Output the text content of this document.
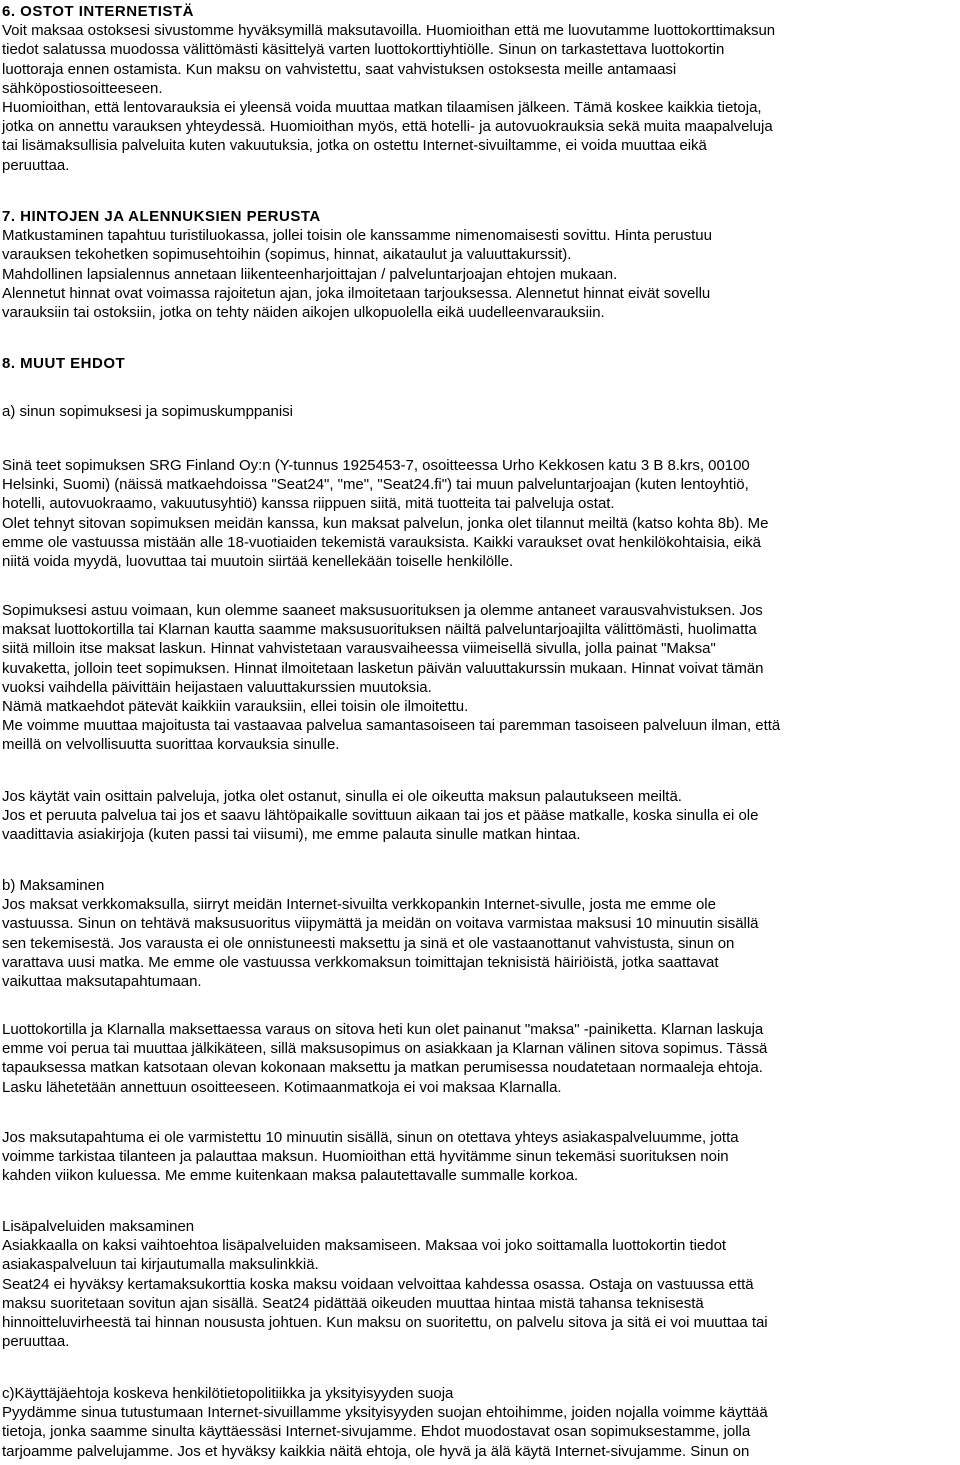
6. OSTOT INTERNETISTÄ
Voit maksaa ostoksesi sivustomme hyväksymillä maksutavoilla. Huomioithan että me luovutamme luottokorttimaksun
tiedot salatussa muodossa välittömästi käsittelyä varten luottokorttiyhtiölle. Sinun on tarkastettava luottokortin
luottoraja ennen ostamista. Kun maksu on vahvistettu, saat vahvistuksen ostoksesta meille antamaasi
sähköpostiosoitteeseen.
Huomioithan, että lentovarauksia ei yleensä voida muuttaa matkan tilaamisen jälkeen. Tämä koskee kaikkia tietoja,
jotka on annettu varauksen yhteydessä. Huomioithan myös, että hotelli- ja autovuokrauksia sekä muita maapalveluja
tai lisämaksullisia palveluita kuten vakuutuksia, jotka on ostettu Internet-sivuiltamme, ei voida muuttaa eikä
peruuttaa.
7. HINTOJEN JA ALENNUKSIEN PERUSTA
Matkustaminen tapahtuu turistiluokassa, jollei toisin ole kanssamme nimenomaisesti sovittu. Hinta perustuu
varauksen tekohetken sopimusehtoihin (sopimus, hinnat, aikataulut ja valuuttakurssit).
Mahdollinen lapsialennus annetaan liikenteenharjoittajan / palveluntarjoajan ehtojen mukaan.
Alennetut hinnat ovat voimassa rajoitetun ajan, joka ilmoitetaan tarjouksessa. Alennetut hinnat eivät sovellu
varauksiin tai ostoksiin, jotka on tehty näiden aikojen ulkopuolella eikä uudelleenvarauksiin.
8. MUUT EHDOT
a) sinun sopimuksesi ja sopimuskumppanisi
Sinä teet sopimuksen SRG Finland Oy:n (Y-tunnus 1925453-7, osoitteessa Urho Kekkosen katu 3 B 8.krs, 00100
Helsinki, Suomi) (näissä matkaehdoissa "Seat24", "me", "Seat24.fi") tai muun palveluntarjoajan (kuten lentoyhtiö,
hotelli, autovuokraamo, vakuutusyhtiö) kanssa riippuen siitä, mitä tuotteita tai palveluja ostat.
Olet tehnyt sitovan sopimuksen meidän kanssa, kun maksat palvelun, jonka olet tilannut meiltä (katso kohta 8b). Me
emme ole vastuussa mistään alle 18-vuotiaiden tekemistä varauksista. Kaikki varaukset ovat henkilökohtaisia, eikä
niitä voida myydä, luovuttaa tai muutoin siirtää kenellekään toiselle henkilölle.
Sopimuksesi astuu voimaan, kun olemme saaneet maksusuorituksen ja olemme antaneet varausvahvistuksen. Jos
maksat luottokortilla tai Klarnan kautta saamme maksusuorituksen näiltä palveluntarjoajilta välittömästi, huolimatta
siitä milloin itse maksat laskun. Hinnat vahvistetaan varausvaiheessa viimeisellä sivulla, jolla painat "Maksa"
kuvaketta, jolloin teet sopimuksen. Hinnat ilmoitetaan lasketun päivän valuuttakurssin mukaan. Hinnat voivat tämän
vuoksi vaihdella päivittäin heijastaen valuuttakurssien muutoksia.
Nämä matkaehdot pätevät kaikkiin varauksiin, ellei toisin ole ilmoitettu.
Me voimme muuttaa majoitusta tai vastaavaa palvelua samantasoiseen tai paremman tasoiseen palveluun ilman, että
meillä on velvollisuutta suorittaa korvauksia sinulle.
Jos käytät vain osittain palveluja, jotka olet ostanut, sinulla ei ole oikeutta maksun palautukseen meiltä.
Jos et peruuta palvelua tai jos et saavu lähtöpaikalle sovittuun aikaan tai jos et pääse matkalle, koska sinulla ei ole
vaadittavia asiakirjoja (kuten passi tai viisumi), me emme palauta sinulle matkan hintaa.
b) Maksaminen
Jos maksat verkkomaksulla, siirryt meidän Internet-sivuilta verkkopankin Internet-sivulle, josta me emme ole
vastuussa. Sinun on tehtävä maksusuoritus viipymättä ja meidän on voitava varmistaa maksusi 10 minuutin sisällä
sen tekemisestä. Jos varausta ei ole onnistuneesti maksettu ja sinä et ole vastaanottanut vahvistusta, sinun on
varattava uusi matka. Me emme ole vastuussa verkkomaksun toimittajan teknisistä häiriöistä, jotka saattavat
vaikuttaa maksutapahtumaan.
Luottokortilla ja Klarnalla maksettaessa varaus on sitova heti kun olet painanut "maksa" -painiketta. Klarnan laskuja
emme voi perua tai muuttaa jälkikäteen, sillä maksusopimus on asiakkaan ja Klarnan välinen sitova sopimus. Tässä
tapauksessa matkan katsotaan olevan kokonaan maksettu ja matkan perumisessa noudatetaan normaaleja ehtoja.
Lasku lähetetään annettuun osoitteeseen. Kotimaanmatkoja ei voi maksaa Klarnalla.
Jos maksutapahtuma ei ole varmistettu 10 minuutin sisällä, sinun on otettava yhteys asiakaspalveluumme, jotta
voimme tarkistaa tilanteen ja palauttaa maksun. Huomioithan että hyvitämme sinun tekemäsi suorituksen noin
kahden viikon kuluessa. Me emme kuitenkaan maksa palautettavalle summalle korkoa.
Lisäpalveluiden maksaminen
Asiakkaalla on kaksi vaihtoehtoa lisäpalveluiden maksamiseen. Maksaa voi joko soittamalla luottokortin tiedot
asiakaspalveluun tai kirjautumalla maksulinkkiä.
Seat24 ei hyväksy kertamaksukorttia koska maksu voidaan velvoittaa kahdessa osassa. Ostaja on vastuussa että
maksu suoritetaan sovitun ajan sisällä. Seat24 pidättää oikeuden muuttaa hintaa mistä tahansa teknisestä
hinnoitteluvirheestä tai hinnan noususta johtuen. Kun maksu on suoritettu, on palvelu sitova ja sitä ei voi muuttaa tai
peruuttaa.
c)Käyttäjäehtoja koskeva henkilötietopolitiikka ja yksityisyyden suoja
Pyydämme sinua tutustumaan Internet-sivuillamme yksityisyyden suojan ehtoihimme, joiden nojalla voimme käyttää
tietoja, jonka saamme sinulta käyttäessäsi Internet-sivujamme. Ehdot muodostavat osan sopimuksestamme, jolla
tarjoamme palvelujamme. Jos et hyväksy kaikkia näitä ehtoja, ole hyvä ja älä käytä Internet-sivujamme. Sinun on
